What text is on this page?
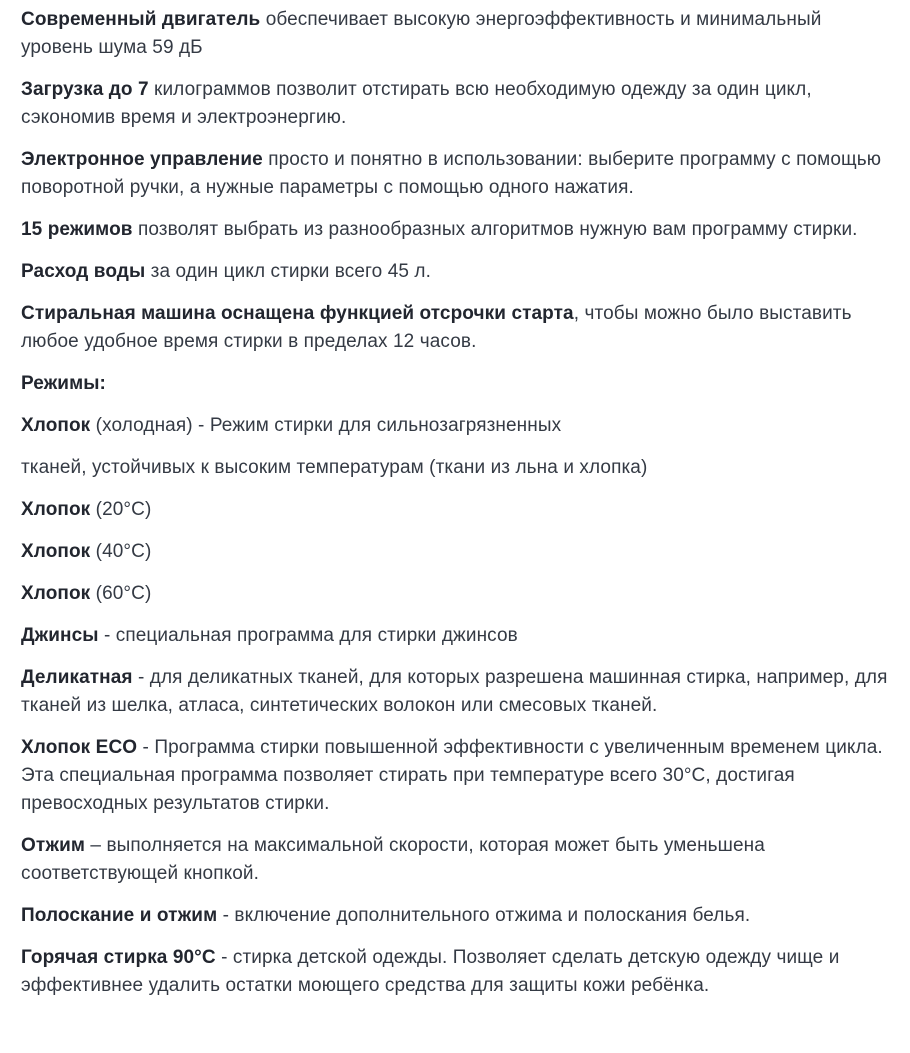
Современный двигатель обеспечивает высокую энергоэффективность и минимальный уровень шума 59 дБ

Загрузка до 7 килограммов позволит отстирать всю необходимую одежду за один цикл, сэкономив время и электроэнергию.

Электронное управление просто и понятно в использовании: выберите программу с помощью поворотной ручки, а нужные параметры с помощью одного нажатия.

15 режимов позволят выбрать из разнообразных алгоритмов нужную вам программу стирки.

Расход воды за один цикл стирки всего 45 л.

Стиральная машина оснащена функцией отсрочки старта, чтобы можно было выставить любое удобное время стирки в пределах 12 часов.

Режимы:

Хлопок (холодная) - Режим стирки для сильнозагрязненных

тканей, устойчивых к высоким температурам (ткани из льна и хлопка)

Хлопок (20°С)

Хлопок (40°С)

Хлопок (60°С)

Джинсы - специальная программа для стирки джинсов

Деликатная - для деликатных тканей, для которых разрешена машинная стирка, например, для тканей из шелка, атласа, синтетических волокон или смесовых тканей.

Хлопок ECO - Программа стирки повышенной эффективности с увеличенным временем цикла. Эта специальная программа позволяет стирать при температуре всего 30°С, достигая превосходных результатов стирки.

Отжим – выполняется на максимальной скорости, которая может быть уменьшена соответствующей кнопкой.

Полоскание и отжим - включение дополнительного отжима и полоскания белья.

Горячая стирка 90°С - стирка детской одежды. Позволяет сделать детскую одежду чище и эффективнее удалить остатки моющего средства для защиты кожи ребёнка.
